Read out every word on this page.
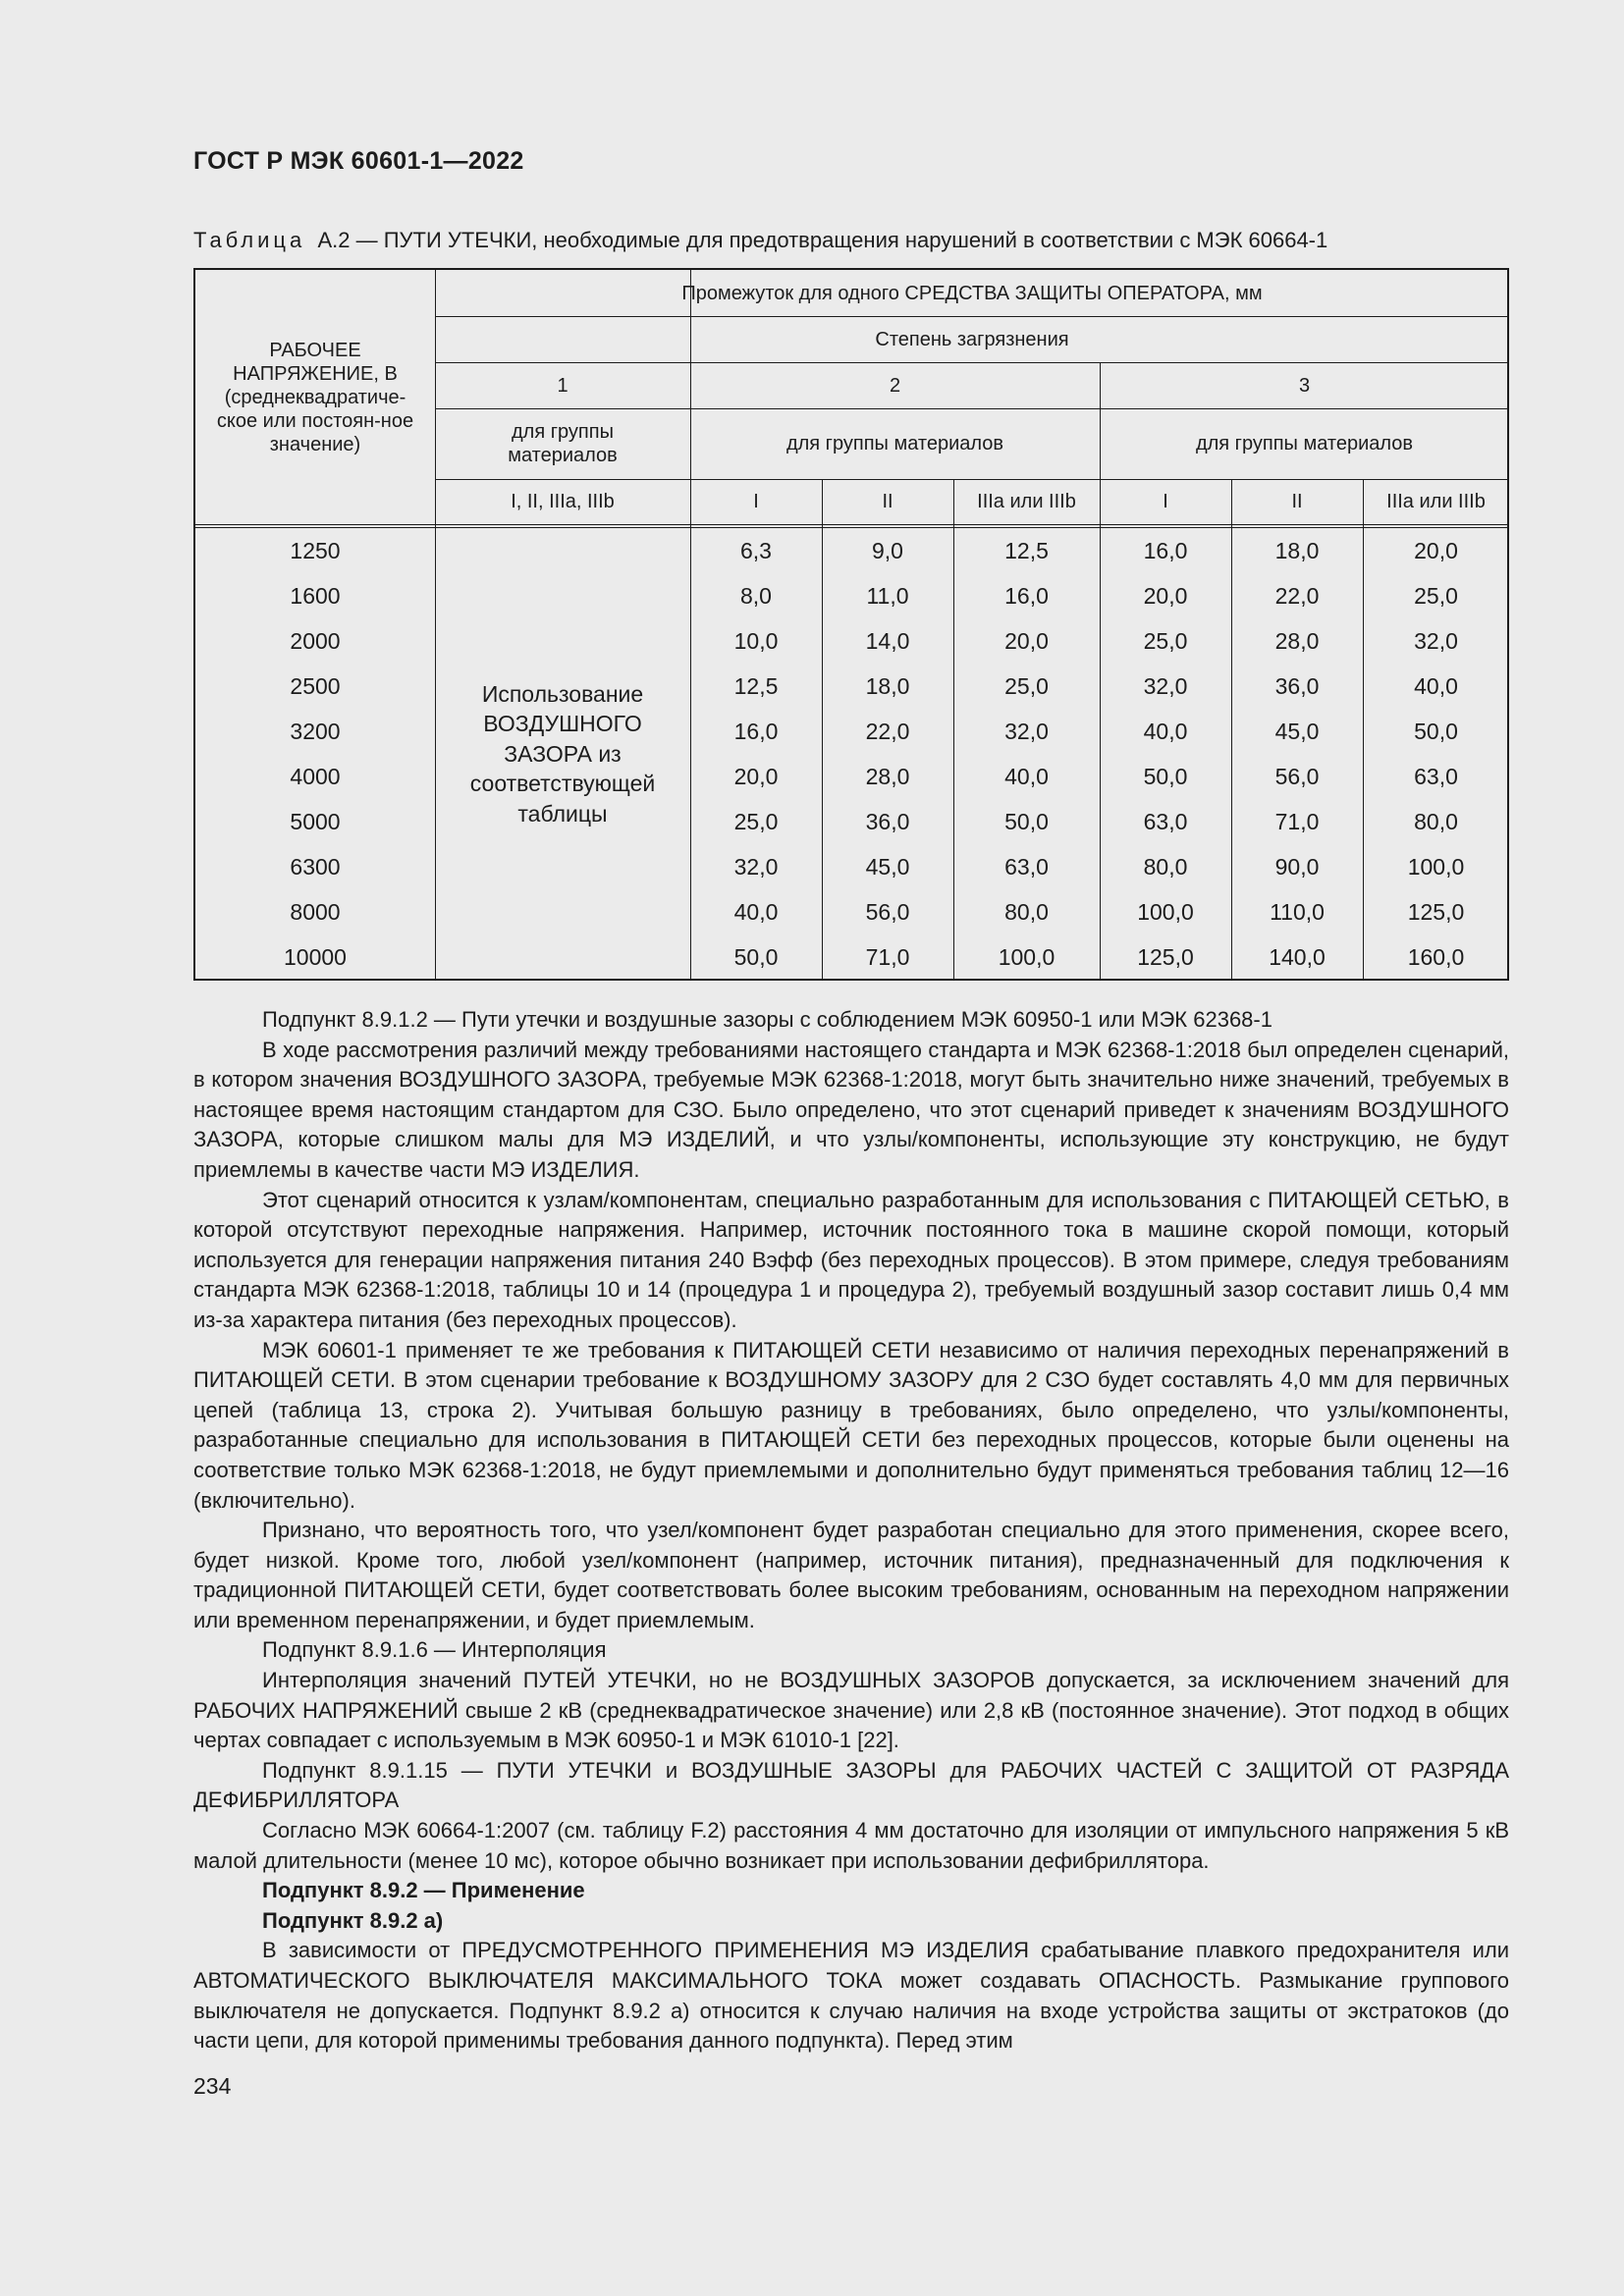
ГОСТ Р МЭК 60601-1—2022
Таблица А.2 — ПУТИ УТЕЧКИ, необходимые для предотвращения нарушений в соответствии с МЭК 60664-1
РАБОЧЕЕ НАПРЯЖЕНИЕ, В (среднеквадратиче-ское или постоян-ное значение)
Промежуток для одного СРЕДСТВА ЗАЩИТЫ ОПЕРАТОРА, мм
Степень загрязнения
1	2	3
для группы материалов
для группы материалов	для группы материалов
I, II, IIIa, IIIb	I	II	IIIa или IIIb	I	II	IIIa или IIIb
Использование ВОЗДУШНОГО ЗАЗОРА из соответствующей таблицы
1250	6,3	9,0	12,5	16,0	18,0	20,0
1600	8,0	11,0	16,0	20,0	22,0	25,0
2000	10,0	14,0	20,0	25,0	28,0	32,0
2500	12,5	18,0	25,0	32,0	36,0	40,0
3200	16,0	22,0	32,0	40,0	45,0	50,0
4000	20,0	28,0	40,0	50,0	56,0	63,0
5000	25,0	36,0	50,0	63,0	71,0	80,0
6300	32,0	45,0	63,0	80,0	90,0	100,0
8000	40,0	56,0	80,0	100,0	110,0	125,0
10000	50,0	71,0	100,0	125,0	140,0	160,0

Подпункт 8.9.1.2 — Пути утечки и воздушные зазоры с соблюдением МЭК 60950-1 или МЭК 62368-1

В ходе рассмотрения различий между требованиями настоящего стандарта и МЭК 62368-1:2018 был определен сценарий, в котором значения ВОЗДУШНОГО ЗАЗОРА, требуемые МЭК 62368-1:2018, могут быть значительно ниже значений, требуемых в настоящее время настоящим стандартом для СЗО. Было определено, что этот сценарий приведет к значениям ВОЗДУШНОГО ЗАЗОРА, которые слишком малы для МЭ ИЗДЕЛИЙ, и что узлы/компоненты, использующие эту конструкцию, не будут приемлемы в качестве части МЭ ИЗДЕЛИЯ.

Этот сценарий относится к узлам/компонентам, специально разработанным для использования с ПИТАЮЩЕЙ СЕТЬЮ, в которой отсутствуют переходные напряжения. Например, источник постоянного тока в машине скорой помощи, который используется для генерации напряжения питания 240 Вэфф (без переходных процессов). В этом примере, следуя требованиям стандарта МЭК 62368-1:2018, таблицы 10 и 14 (процедура 1 и процедура 2), требуемый воздушный зазор составит лишь 0,4 мм из-за характера питания (без переходных процессов).

МЭК 60601-1 применяет те же требования к ПИТАЮЩЕЙ СЕТИ независимо от наличия переходных перенапряжений в ПИТАЮЩЕЙ СЕТИ. В этом сценарии требование к ВОЗДУШНОМУ ЗАЗОРУ для 2 СЗО будет составлять 4,0 мм для первичных цепей (таблица 13, строка 2). Учитывая большую разницу в требованиях, было определено, что узлы/компоненты, разработанные специально для использования в ПИТАЮЩЕЙ СЕТИ без переходных процессов, которые были оценены на соответствие только МЭК 62368-1:2018, не будут приемлемыми и дополнительно будут применяться требования таблиц 12—16 (включительно).

Признано, что вероятность того, что узел/компонент будет разработан специально для этого применения, скорее всего, будет низкой. Кроме того, любой узел/компонент (например, источник питания), предназначенный для подключения к традиционной ПИТАЮЩЕЙ СЕТИ, будет соответствовать более высоким требованиям, основанным на переходном напряжении или временном перенапряжении, и будет приемлемым.

Подпункт 8.9.1.6 — Интерполяция

Интерполяция значений ПУТЕЙ УТЕЧКИ, но не ВОЗДУШНЫХ ЗАЗОРОВ допускается, за исключением значений для РАБОЧИХ НАПРЯЖЕНИЙ свыше 2 кВ (среднеквадратическое значение) или 2,8 кВ (постоянное значение). Этот подход в общих чертах совпадает с используемым в МЭК 60950-1 и МЭК 61010-1 [22].

Подпункт 8.9.1.15 — ПУТИ УТЕЧКИ и ВОЗДУШНЫЕ ЗАЗОРЫ для РАБОЧИХ ЧАСТЕЙ С ЗАЩИТОЙ ОТ РАЗРЯДА ДЕФИБРИЛЛЯТОРА

Согласно МЭК 60664-1:2007 (см. таблицу F.2) расстояния 4 мм достаточно для изоляции от импульсного напряжения 5 кВ малой длительности (менее 10 мс), которое обычно возникает при использовании дефибриллятора.

Подпункт 8.9.2 — Применение

Подпункт 8.9.2 а)

В зависимости от ПРЕДУСМОТРЕННОГО ПРИМЕНЕНИЯ МЭ ИЗДЕЛИЯ срабатывание плавкого предохранителя или АВТОМАТИЧЕСКОГО ВЫКЛЮЧАТЕЛЯ МАКСИМАЛЬНОГО ТОКА может создавать ОПАСНОСТЬ. Размыкание группового выключателя не допускается. Подпункт 8.9.2 а) относится к случаю наличия на входе устройства защиты от экстратоков (до части цепи, для которой применимы требования данного подпункта). Перед этим

234
